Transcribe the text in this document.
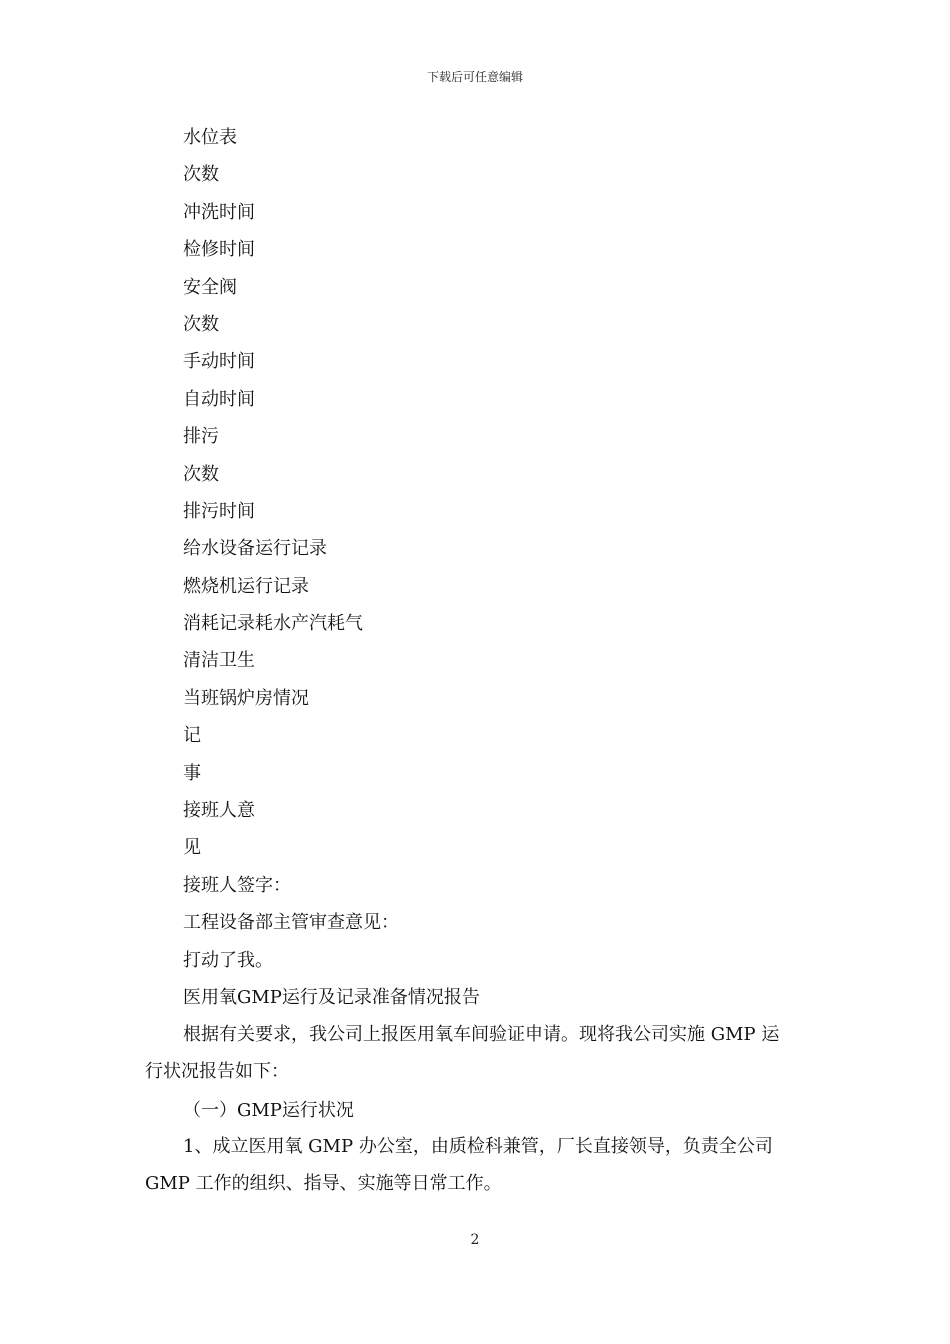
下载后可任意编辑
水位表
次数
冲洗时间
检修时间
安全阀
次数
手动时间
自动时间
排污
次数
排污时间
给水设备运行记录
燃烧机运行记录
消耗记录耗水产汽耗气
清洁卫生
当班锅炉房情况
记
事
接班人意
见
接班人签字：
工程设备部主管审查意见：
打动了我。
医用氧GMP运行及记录准备情况报告
根据有关要求，我公司上报医用氧车间验证申请。现将我公司实施 GMP 运
行状况报告如下：
（一）GMP运行状况
1、成立医用氧 GMP 办公室，由质检科兼管，厂长直接领导，负责全公司
GMP 工作的组织、指导、实施等日常工作。
2
